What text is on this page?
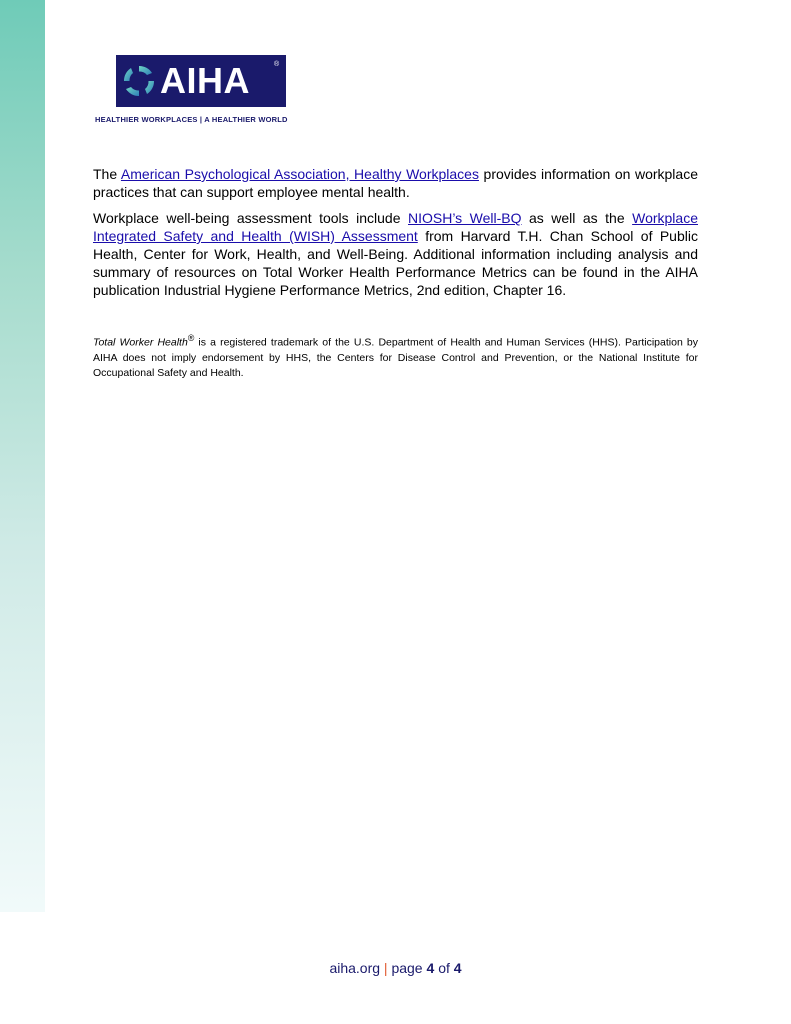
AIHA	®
HEALTHIER WORKPLACES | A HEALTHIER WORLD

The American Psychological Association, Healthy Workplaces provides information on workplace practices that can support employee mental health.

Workplace well-being assessment tools include NIOSH’s Well-BQ as well as the Workplace Integrated Safety and Health (WISH) Assessment from Harvard T.H. Chan School of Public Health, Center for Work, Health, and Well-Being. Additional information including analysis and summary of resources on Total Worker Health Performance Metrics can be found in the AIHA publication Industrial Hygiene Performance Metrics, 2nd edition, Chapter 16.

Total Worker Health® is a registered trademark of the U.S. Department of Health and Human Services (HHS). Participation by AIHA does not imply endorsement by HHS, the Centers for Disease Control and Prevention, or the National Institute for Occupational Safety and Health.
aiha.org | page 4 of 4
